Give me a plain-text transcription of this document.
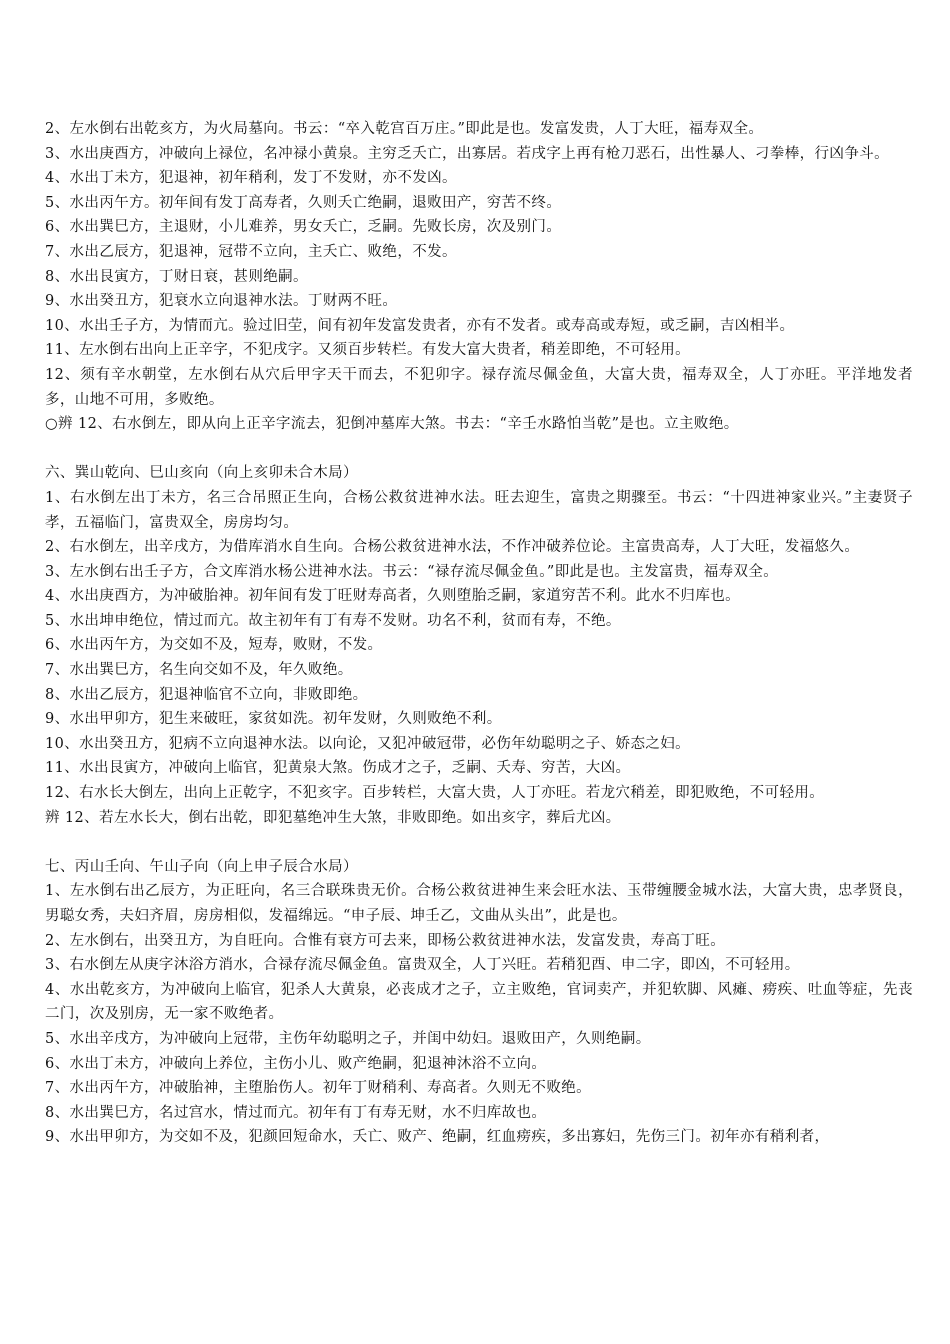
2、左水倒右出乾亥方，为火局墓向。书云：“卒入乾宫百万庄。”即此是也。发富发贵，人丁大旺，福寿双全。

3、水出庚酉方，冲破向上禄位，名冲禄小黄泉。主穷乏夭亡，出寡居。若戌字上再有枪刀恶石，出性暴人、刁拳棒，行凶争斗。

4、水出丁未方，犯退神，初年稍利，发丁不发财，亦不发凶。

5、水出丙午方。初年间有发丁高寿者，久则夭亡绝嗣，退败田产，穷苦不终。

6、水出巽巳方，主退财，小儿难养，男女夭亡，乏嗣。先败长房，次及别门。

7、水出乙辰方，犯退神，冠带不立向，主夭亡、败绝，不发。

8、水出艮寅方，丁财日衰，甚则绝嗣。

9、水出癸丑方，犯衰水立向退神水法。丁财两不旺。

10、水出壬子方，为情而亢。验过旧茔，间有初年发富发贵者，亦有不发者。或寿高或寿短，或乏嗣，吉凶相半。

11、左水倒右出向上正辛字，不犯戌字。又须百步转栏。有发大富大贵者，稍差即绝，不可轻用。

12、须有辛水朝堂，左水倒右从穴后甲字天干而去，不犯卯字。禄存流尽佩金鱼，大富大贵，福寿双全，人丁亦旺。平洋地发者多，山地不可用，多败绝。

○辨 12、右水倒左，即从向上正辛字流去，犯倒冲墓库大煞。书去：“辛壬水路怕当乾”是也。立主败绝。

六、巽山乾向、巳山亥向（向上亥卯未合木局）

1、右水倒左出丁未方，名三合吊照正生向，合杨公救贫进神水法。旺去迎生，富贵之期骤至。书云：“十四进神家业兴。”主妻贤子孝，五福临门，富贵双全，房房均匀。

2、右水倒左，出辛戌方，为借库消水自生向。合杨公救贫进神水法，不作冲破养位论。主富贵高寿，人丁大旺，发福悠久。

3、左水倒右出壬子方，合文库消水杨公进神水法。书云：“禄存流尽佩金鱼。”即此是也。主发富贵，福寿双全。

4、水出庚酉方，为冲破胎神。初年间有发丁旺财寿高者，久则堕胎乏嗣，家道穷苦不利。此水不归库也。

5、水出坤申绝位，情过而亢。故主初年有丁有寿不发财。功名不利，贫而有寿，不绝。

6、水出丙午方，为交如不及，短寿，败财，不发。

7、水出巽巳方，名生向交如不及，年久败绝。

8、水出乙辰方，犯退神临官不立向，非败即绝。

9、水出甲卯方，犯生来破旺，家贫如洗。初年发财，久则败绝不利。

10、水出癸丑方，犯病不立向退神水法。以向论，又犯冲破冠带，必伤年幼聪明之子、娇态之妇。

11、水出艮寅方，冲破向上临官，犯黄泉大煞。伤成才之子，乏嗣、夭寿、穷苦，大凶。

12、右水长大倒左，出向上正乾字，不犯亥字。百步转栏，大富大贵，人丁亦旺。若龙穴稍差，即犯败绝，不可轻用。

辨 12、若左水长大，倒右出乾，即犯墓绝冲生大煞，非败即绝。如出亥字，葬后尤凶。

七、丙山壬向、午山子向（向上申子辰合水局）

1、左水倒右出乙辰方，为正旺向，名三合联珠贵无价。合杨公救贫进神生来会旺水法、玉带缠腰金城水法，大富大贵，忠孝贤良，男聪女秀，夫妇齐眉，房房相似，发福绵远。“申子辰、坤壬乙，文曲从头出”，此是也。

2、左水倒右，出癸丑方，为自旺向。合惟有衰方可去来，即杨公救贫进神水法，发富发贵，寿高丁旺。

3、右水倒左从庚字沐浴方消水，合禄存流尽佩金鱼。富贵双全，人丁兴旺。若稍犯酉、申二字，即凶，不可轻用。

4、水出乾亥方，为冲破向上临官，犯杀人大黄泉，必丧成才之子，立主败绝，官词卖产，并犯软脚、风瘫、痨疾、吐血等症，先丧二门，次及别房，无一家不败绝者。

5、水出辛戌方，为冲破向上冠带，主伤年幼聪明之子，并闺中幼妇。退败田产，久则绝嗣。

6、水出丁未方，冲破向上养位，主伤小儿、败产绝嗣，犯退神沐浴不立向。

7、水出丙午方，冲破胎神，主堕胎伤人。初年丁财稍利、寿高者。久则无不败绝。

8、水出巽巳方，名过宫水，情过而亢。初年有丁有寿无财，水不归库故也。

9、水出甲卯方，为交如不及，犯颜回短命水，夭亡、败产、绝嗣，红血痨疾，多出寡妇，先伤三门。初年亦有稍利者，
